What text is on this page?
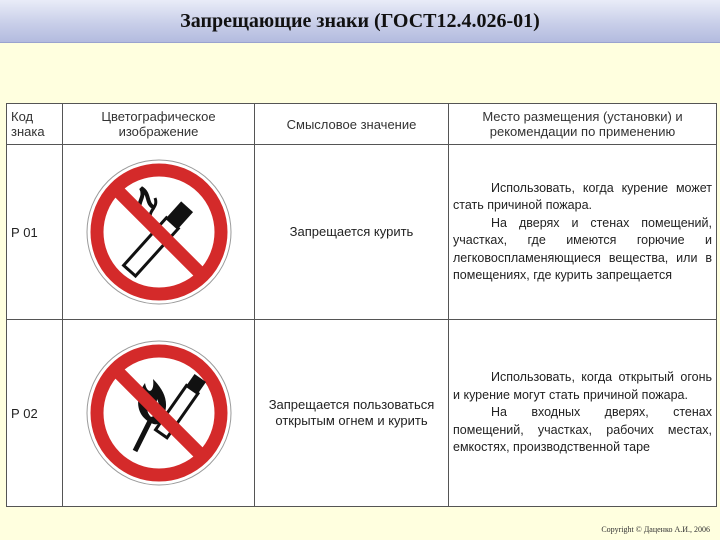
Запрещающие знаки (ГОСТ12.4.026-01)
Код знака	Цветографическое изображение	Смысловое значение	Место размещения (установки) и рекомендации по применению
Р 01		Запрещается курить	Использовать, когда курение может стать причиной пожара.

На дверях и стенах помещений, участках, где имеются горючие и легковоспламеняющиеся вещества, или в помещениях, где курить запрещается

Р 02		Запрещается пользоваться открытым огнем и курить	Использовать, когда открытый огонь и курение могут стать причиной пожара.

На входных дверях, стенах помещений, участках, рабочих местах, емкостях, производственной таре

Copyright © Даценко А.И., 2006
